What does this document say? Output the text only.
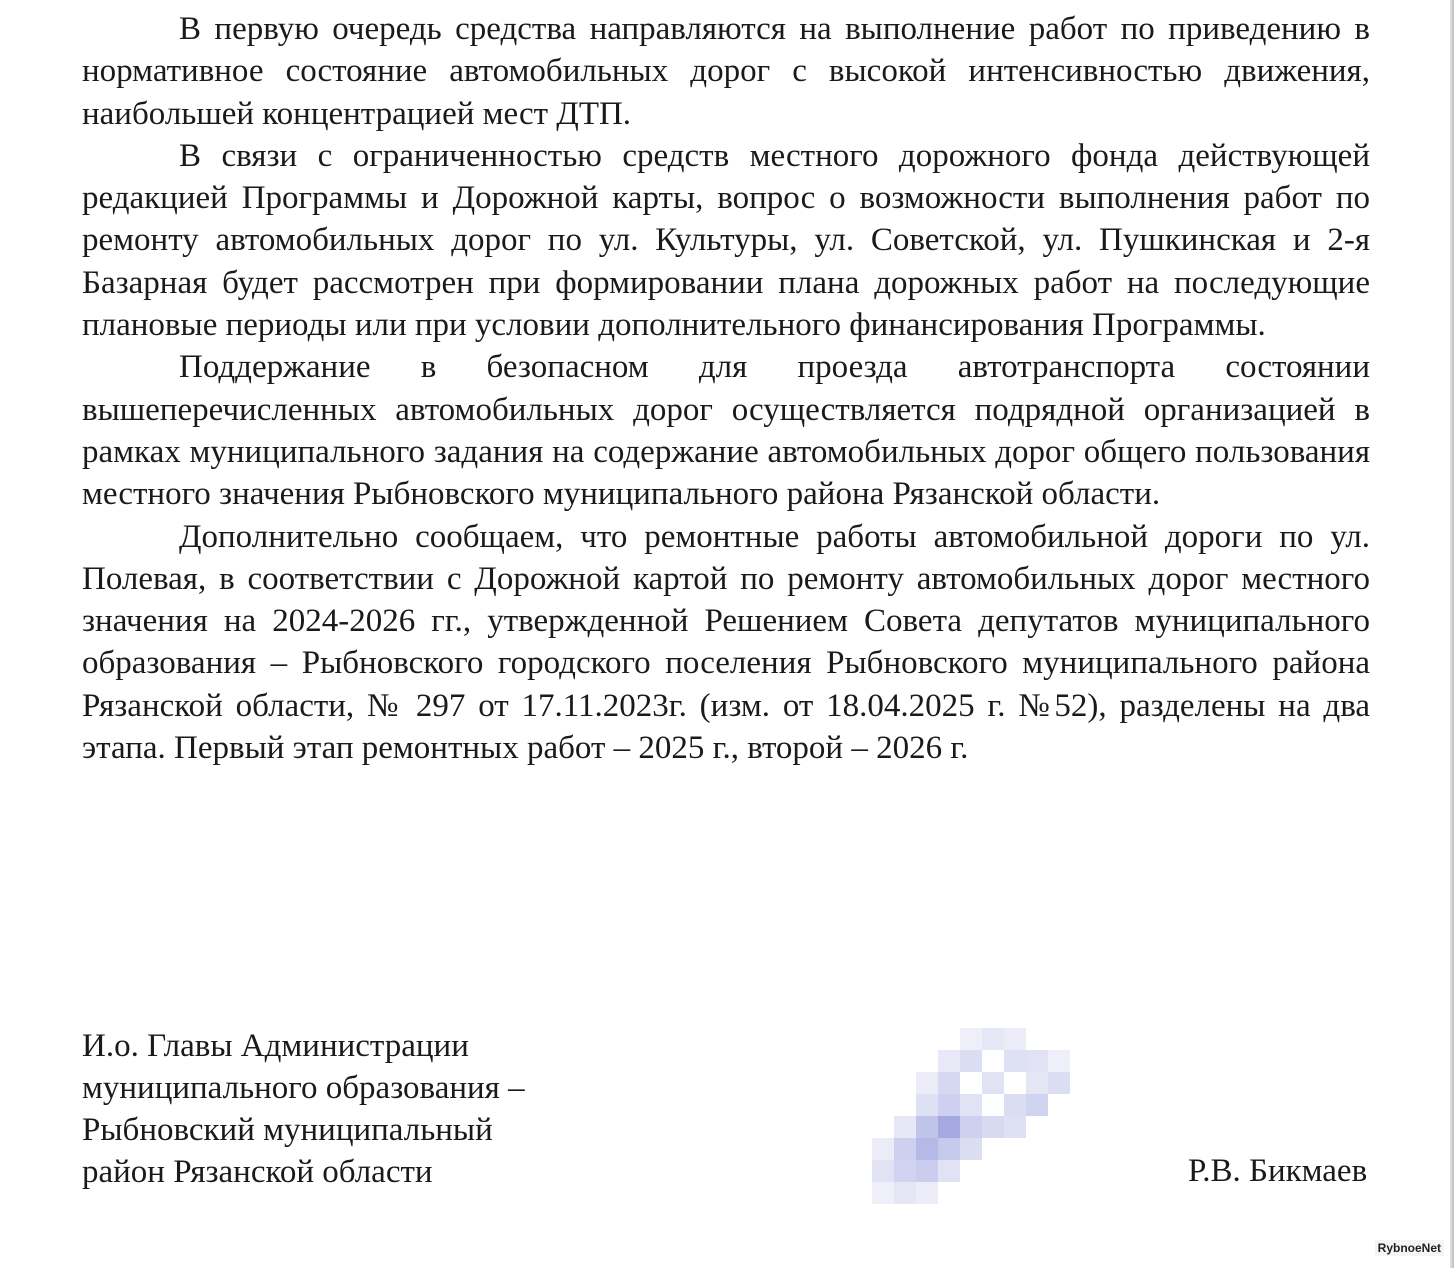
В первую очередь средства направляются на выполнение работ по приведению в нормативное состояние автомобильных дорог с высокой интенсивностью движения, наибольшей концентрацией мест ДТП.

В связи с ограниченностью средств местного дорожного фонда действующей редакцией Программы и Дорожной карты, вопрос о возможности выполнения работ по ремонту автомобильных дорог по ул. Культуры, ул. Советской, ул. Пушкинская и 2-я Базарная будет рассмотрен при формировании плана дорожных работ на последующие плановые периоды или при условии дополнительного финансирования Программы.

Поддержание в безопасном для проезда автотранспорта состоянии вышеперечисленных автомобильных дорог осуществляется подрядной организацией в рамках муниципального задания на содержание автомобильных дорог общего пользования местного значения Рыбновского муниципального района Рязанской области.

Дополнительно сообщаем, что ремонтные работы автомобильной дороги по ул. Полевая, в соответствии с Дорожной картой по ремонту автомобильных дорог местного значения на 2024-2026 гг., утвержденной Решением Совета депутатов муниципального образования – Рыбновского городского поселения Рыбновского муниципального района Рязанской области, № 297 от 17.11.2023г. (изм. от 18.04.2025 г. №52), разделены на два этапа. Первый этап ремонтных работ – 2025 г., второй – 2026 г.

И.о. Главы Администрации
муниципального образования –
Рыбновский муниципальный
район Рязанской области	Р.В. Бикмаев
RybnoeNet
